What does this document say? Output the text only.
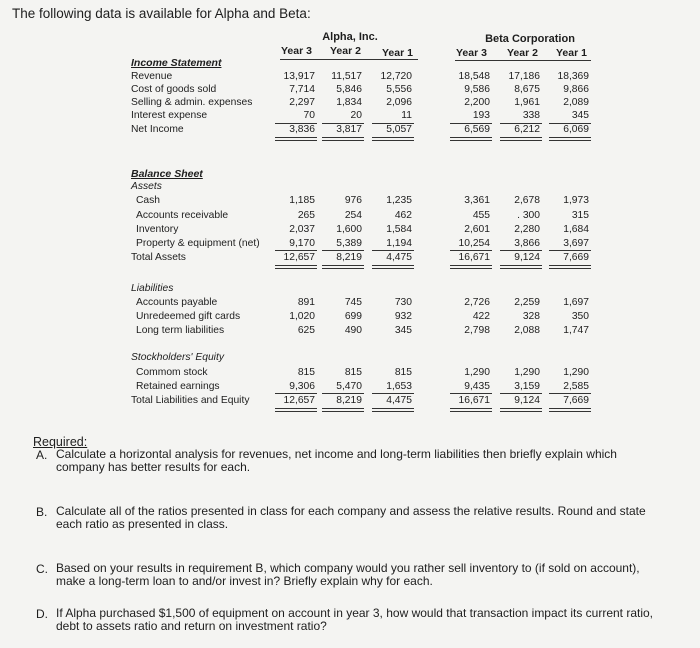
The following data is available for Alpha and Beta:
Alpha, Inc.	Beta Corporation
Year 3 Year 2 Year 1	Year 3 Year 2 Year 1
Income Statement
Revenue	13,917	11,517	12,720	18,548	17,186	18,369
Cost of goods sold	7,714	5,846	5,556	9,586	8,675	9,866
Selling & admin. expenses	2,297	1,834	2,096	2,200	1,961	2,089
Interest expense	70	20	11	193	338	345
Net Income	3,836	3,817	5,057	6,569	6,212	6,069
Balance Sheet
Assets
Cash	1,185	976	1,235	3,361	2,678	1,973
Accounts receivable	265	254	462	455	. 300	315
Inventory	2,037	1,600	1,584	2,601	2,280	1,684
Property & equipment (net)	9,170	5,389	1,194	10,254	3,866	3,697
Total Assets	12,657	8,219	4,475	16,671	9,124	7,669
Liabilities
Accounts payable	891	745	730	2,726	2,259	1,697
Unredeemed gift cards	1,020	699	932	422	328	350
Long term liabilities	625	490	345	2,798	2,088	1,747
Stockholders' Equity
Commom stock	815	815	815	1,290	1,290	1,290
Retained earnings	9,306	5,470	1,653	9,435	3,159	2,585
Total Liabilities and Equity	12,657	8,219	4,475	16,671	9,124	7,669
Required:
A. Calculate a horizontal analysis for revenues, net income and long-term liabilities then briefly explain which company has better results for each.
B. Calculate all of the ratios presented in class for each company and assess the relative results. Round and state each ratio as presented in class.
C. Based on your results in requirement B, which company would you rather sell inventory to (if sold on account), make a long-term loan to and/or invest in? Briefly explain why for each.
D. If Alpha purchased $1,500 of equipment on account in year 3, how would that transaction impact its current ratio, debt to assets ratio and return on investment ratio?
